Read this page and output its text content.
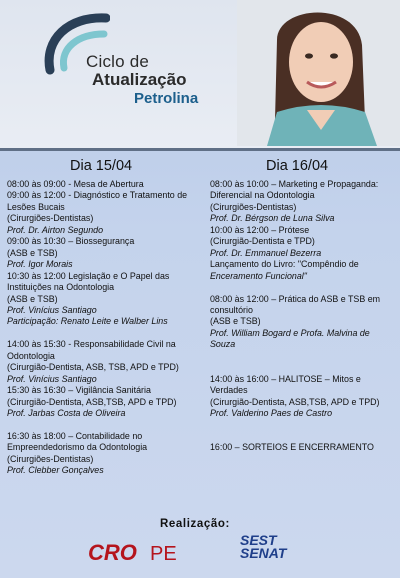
Ciclo de
Atualização
Petrolina
Dia 15/04	Dia 16/04
08:00 às 09:00 - Mesa de Abertura
09:00 às 12:00 - Diagnóstico e Tratamento de
Lesões Bucais
(Cirurgiões-Dentistas)
Prof. Dr. Airton Segundo
09:00 às 10:30 – Biossegurança
(ASB e TSB)
Prof. Igor Morais
10:30 às 12:00 Legislação e O Papel das
Instituições na Odontologia
(ASB e TSB)
Prof. Vinícius Santiago
Participação: Renato Leite e Walber Lins
14:00 às 15:30 - Responsabilidade Civil na
Odontologia
(Cirurgião-Dentista, ASB, TSB, APD e TPD)
Prof. Vinícius Santiago
15:30 às 16:30 – Vigilância Sanitária
(Cirurgião-Dentista, ASB,TSB, APD e TPD)
Prof. Jarbas Costa de Oliveira
16:30 às 18:00 – Contabilidade no
Empreendedorismo da Odontologia
(Cirurgiões-Dentistas)
Prof. Clebber Gonçalves
08:00 às 10:00 – Marketing e Propaganda:
Diferencial na Odontologia
(Cirurgiões-Dentistas)
Prof. Dr. Bérgson de Luna Silva
10:00 às 12:00 – Prótese
(Cirurgião-Dentista e TPD)
Prof. Dr. Emmanuel Bezerra
Lançamento do Livro: "Compêndio de
Enceramento Funcional"
08:00 às 12:00 – Prática do ASB e TSB em
consultório
(ASB e TSB)
Prof. William Bogard e Profa. Malvina de
Souza
14:00 às 16:00 – HALITOSE – Mitos e
Verdades
(Cirurgião-Dentista, ASB,TSB, APD e TPD)
Prof. Valderino Paes de Castro
16:00 – SORTEIOS E ENCERRAMENTO
Realização:
CRO PE
SEST
SENAT
